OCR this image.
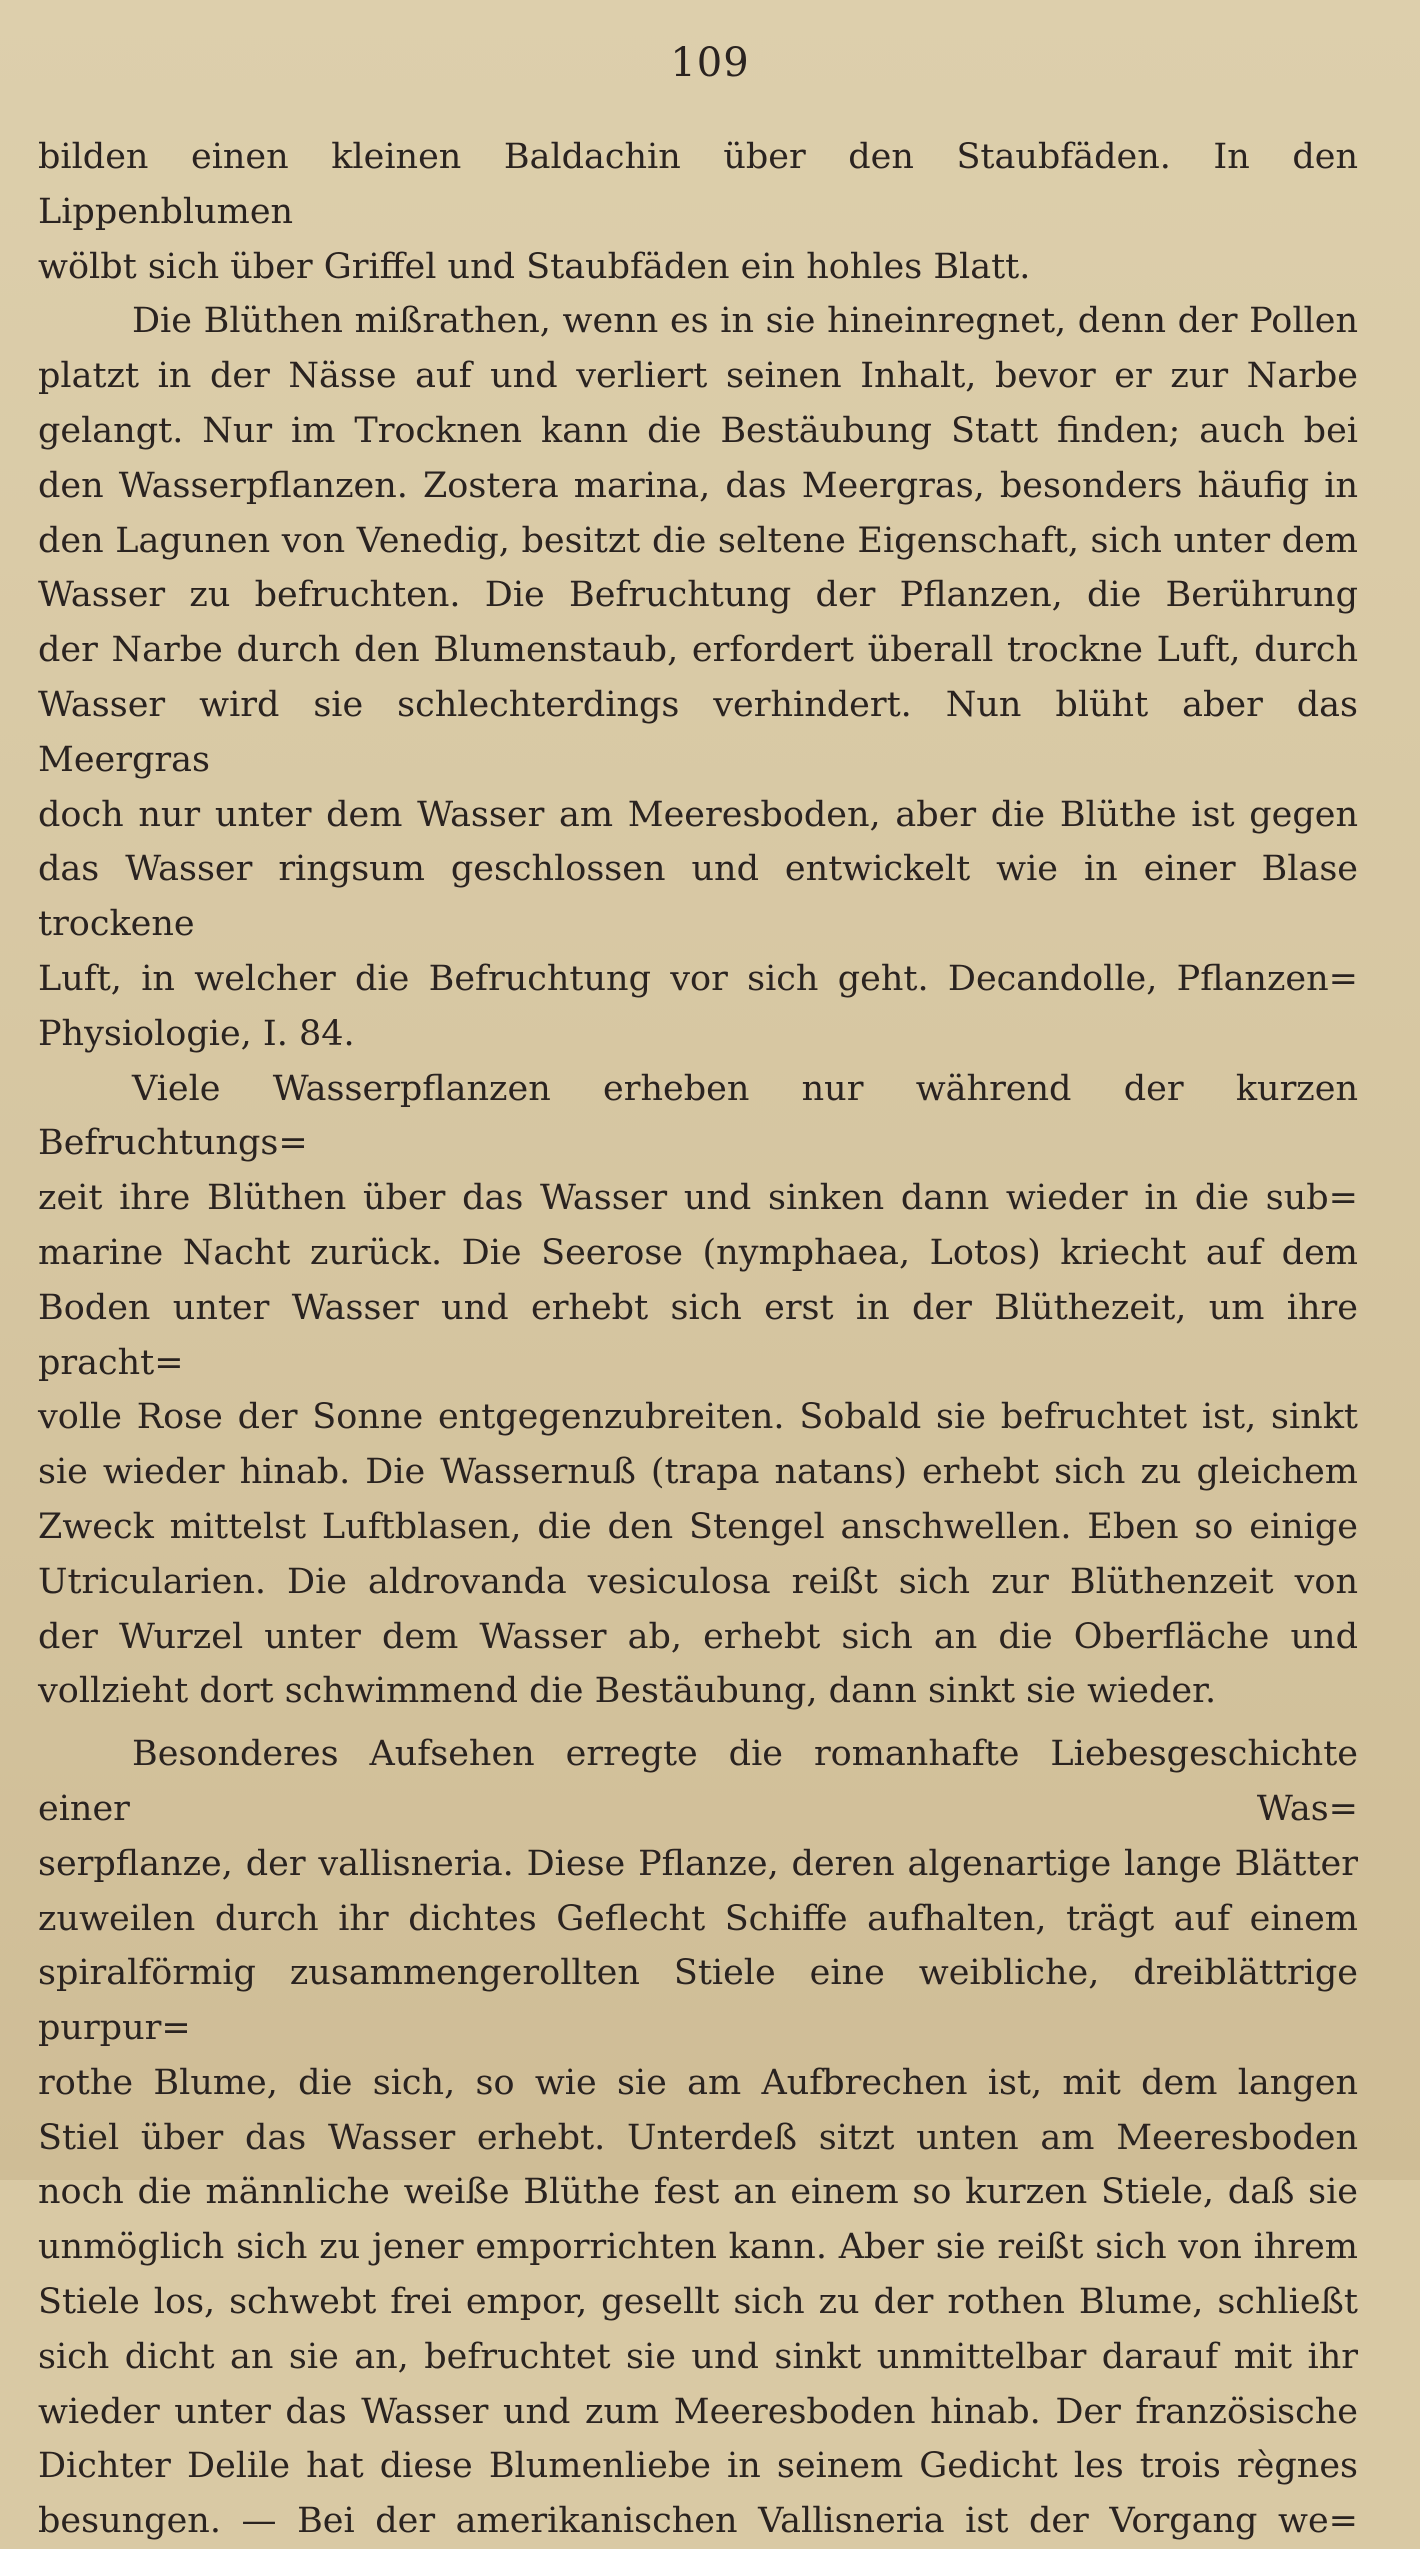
109

bilden einen kleinen Baldachin über den Staubfäden. In den Lippenblumen

wölbt sich über Griffel und Staubfäden ein hohles Blatt.

Die Blüthen mißrathen, wenn es in sie hineinregnet, denn der Pollen

platzt in der Nässe auf und verliert seinen Inhalt, bevor er zur Narbe

gelangt. Nur im Trocknen kann die Bestäubung Statt finden; auch bei

den Wasserpflanzen. Zostera marina, das Meergras, besonders häufig in

den Lagunen von Venedig, besitzt die seltene Eigenschaft, sich unter dem

Wasser zu befruchten. Die Befruchtung der Pflanzen, die Berührung

der Narbe durch den Blumenstaub, erfordert überall trockne Luft, durch

Wasser wird sie schlechterdings verhindert. Nun blüht aber das Meergras

doch nur unter dem Wasser am Meeresboden, aber die Blüthe ist gegen

das Wasser ringsum geschlossen und entwickelt wie in einer Blase trockene

Luft, in welcher die Befruchtung vor sich geht. Decandolle, Pflanzen=

Physiologie, I. 84.

Viele Wasserpflanzen erheben nur während der kurzen Befruchtungs=

zeit ihre Blüthen über das Wasser und sinken dann wieder in die sub=

marine Nacht zurück. Die Seerose (nymphaea, Lotos) kriecht auf dem

Boden unter Wasser und erhebt sich erst in der Blüthezeit, um ihre pracht=

volle Rose der Sonne entgegenzubreiten. Sobald sie befruchtet ist, sinkt

sie wieder hinab. Die Wassernuß (trapa natans) erhebt sich zu gleichem

Zweck mittelst Luftblasen, die den Stengel anschwellen. Eben so einige

Utricularien. Die aldrovanda vesiculosa reißt sich zur Blüthenzeit von

der Wurzel unter dem Wasser ab, erhebt sich an die Oberfläche und

vollzieht dort schwimmend die Bestäubung, dann sinkt sie wieder.

Besonderes Aufsehen erregte die romanhafte Liebesgeschichte einer Was=

serpflanze, der vallisneria. Diese Pflanze, deren algenartige lange Blätter

zuweilen durch ihr dichtes Geflecht Schiffe aufhalten, trägt auf einem

spiralförmig zusammengerollten Stiele eine weibliche, dreiblättrige purpur=

rothe Blume, die sich, so wie sie am Aufbrechen ist, mit dem langen

Stiel über das Wasser erhebt. Unterdeß sitzt unten am Meeresboden

noch die männliche weiße Blüthe fest an einem so kurzen Stiele, daß sie

unmöglich sich zu jener emporrichten kann. Aber sie reißt sich von ihrem

Stiele los, schwebt frei empor, gesellt sich zu der rothen Blume, schließt

sich dicht an sie an, befruchtet sie und sinkt unmittelbar darauf mit ihr

wieder unter das Wasser und zum Meeresboden hinab. Der französische

Dichter Delile hat diese Blumenliebe in seinem Gedicht les trois règnes

besungen. — Bei der amerikanischen Vallisneria ist der Vorgang we=
